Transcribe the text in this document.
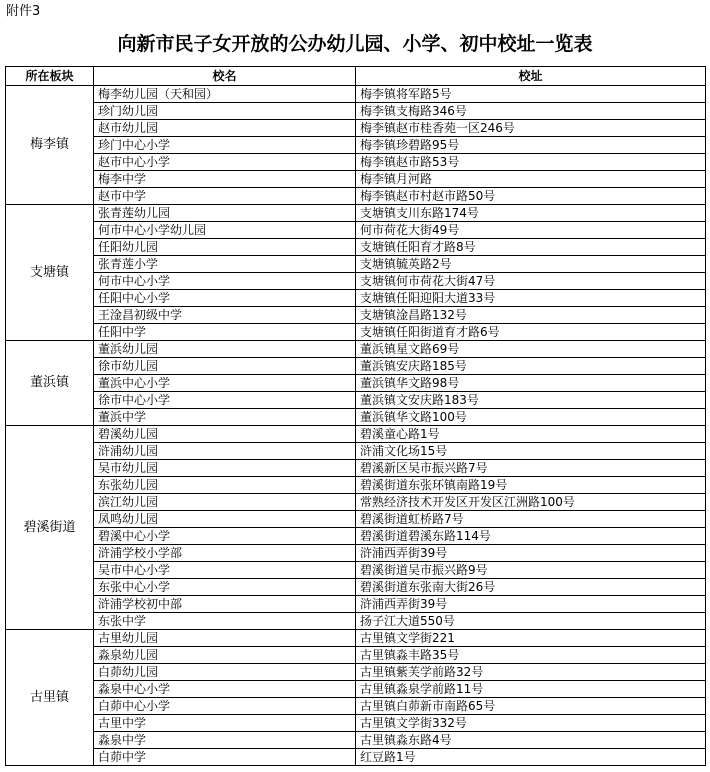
附件3
向新市民子女开放的公办幼儿园、小学、初中校址一览表
所在板块	校名	校址
梅李镇	梅李幼儿园（天和园）	梅李镇将军路5号
	珍门幼儿园	梅李镇支梅路346号
	赵市幼儿园	梅李镇赵市桂香苑一区246号
	珍门中心小学	梅李镇珍碧路95号
	赵市中心小学	梅李镇赵市路53号
	梅李中学	梅李镇月河路
	赵市中学	梅李镇赵市村赵市路50号
支塘镇	张青莲幼儿园	支塘镇支川东路174号
	何市中心小学幼儿园	何市荷花大街49号
	任阳幼儿园	支塘镇任阳育才路8号
	张青莲小学	支塘镇毓英路2号
	何市中心小学	支塘镇何市荷花大街47号
	任阳中心小学	支塘镇任阳迎阳大道33号
	王淦昌初级中学	支塘镇淦昌路132号
	任阳中学	支塘镇任阳街道育才路6号
董浜镇	董浜幼儿园	董浜镇星文路69号
	徐市幼儿园	董浜镇安庆路185号
	董浜中心小学	董浜镇华文路98号
	徐市中心小学	董浜镇文安庆路183号
	董浜中学	董浜镇华文路100号
碧溪街道	碧溪幼儿园	碧溪童心路1号
	浒浦幼儿园	浒浦文化场15号
	吴市幼儿园	碧溪新区吴市振兴路7号
	东张幼儿园	碧溪街道东张环镇南路19号
	滨江幼儿园	常熟经济技术开发区开发区江洲路100号
	凤鸣幼儿园	碧溪街道虹桥路7号
	碧溪中心小学	碧溪街道碧溪东路114号
	浒浦学校小学部	浒浦西弄街39号
	吴市中心小学	碧溪街道吴市振兴路9号
	东张中心小学	碧溪街道东张南大街26号
	浒浦学校初中部	浒浦西弄街39号
	东张中学	扬子江大道550号
古里镇	古里幼儿园	古里镇文学街221
	淼泉幼儿园	古里镇淼丰路35号
	白茆幼儿园	古里镇紫芙学前路32号
	淼泉中心小学	古里镇淼泉学前路11号
	白茆中心小学	古里镇白茆新市南路65号
	古里中学	古里镇文学街332号
	淼泉中学	古里镇淼东路4号
	白茆中学	红豆路1号
